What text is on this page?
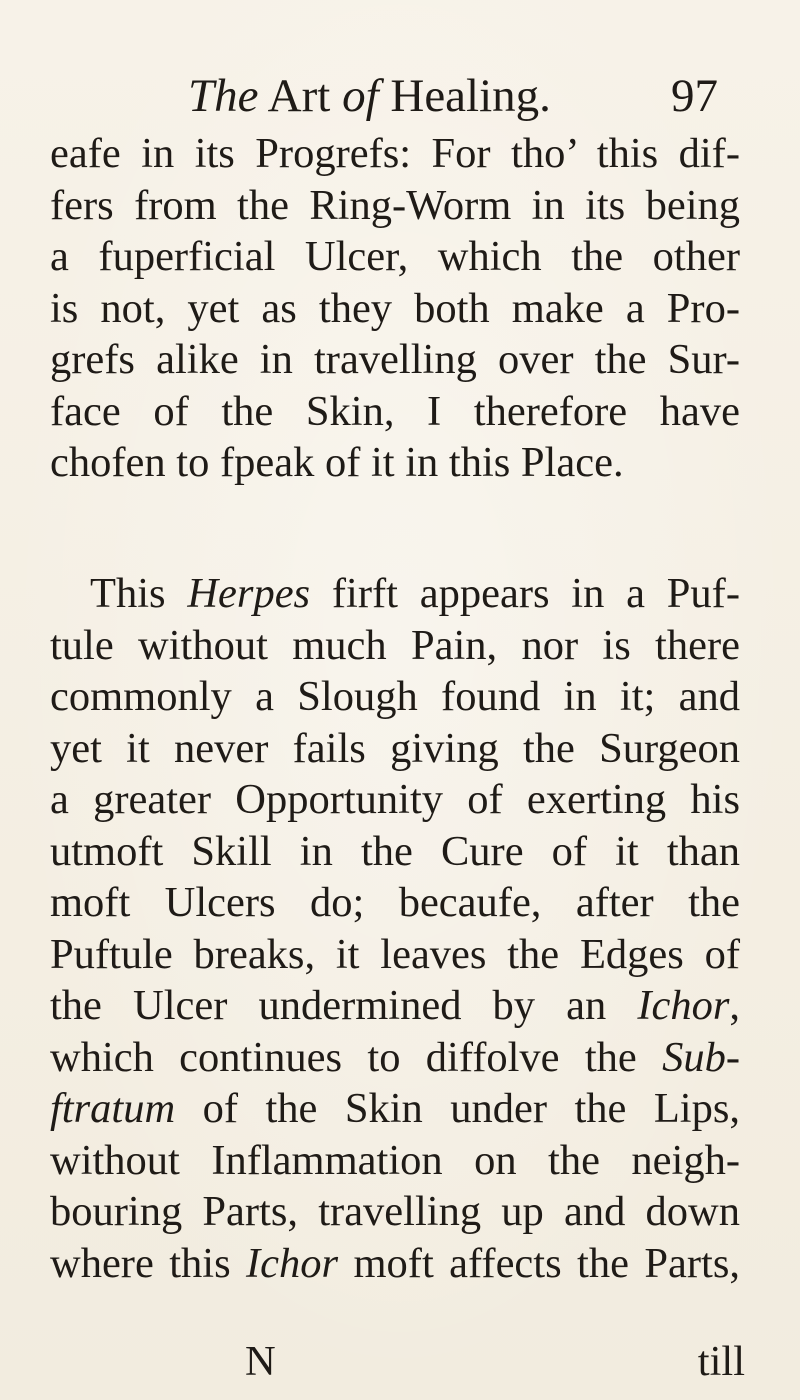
The Art of Healing.	97
eafe in its Progrefs: For tho’ this dif-
fers from the Ring-Worm in its being
a fuperficial Ulcer, which the other
is not, yet as they both make a Pro-
grefs alike in travelling over the Sur-
face of the Skin, I therefore have
chofen to fpeak of it in this Place.
This Herpes firft appears in a Puf-
tule without much Pain, nor is there
commonly a Slough found in it; and
yet it never fails giving the Surgeon
a greater Opportunity of exerting his
utmoft Skill in the Cure of it than
moft Ulcers do; becaufe, after the
Puftule breaks, it leaves the Edges of
the Ulcer undermined by an Ichor,
which continues to diffolve the Sub-
ftratum of the Skin under the Lips,
without Inflammation on the neigh-
bouring Parts, travelling up and down
where this Ichor moft affects the Parts,
N	till
